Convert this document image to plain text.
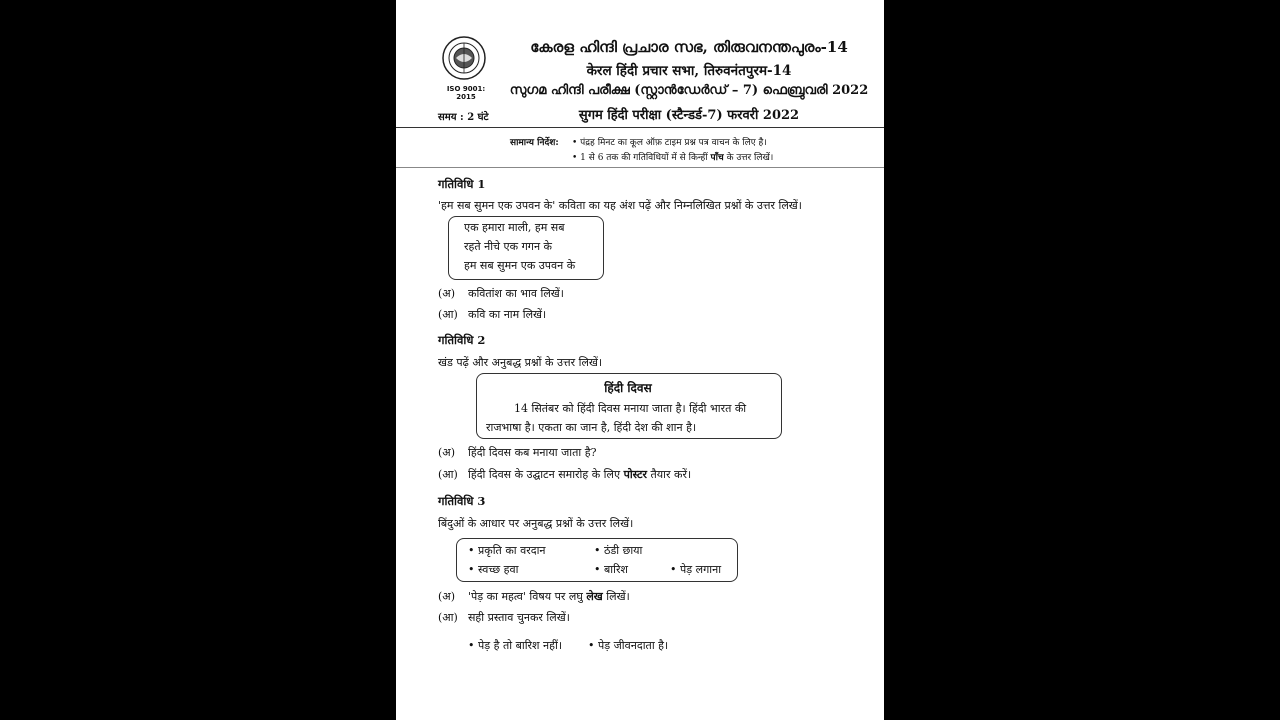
ISO 9001: 2015
കേരള ഹിന്ദി പ്രചാര സഭ, തിരുവനന്തപുരം-14
केरल हिंदी प्रचार सभा, तिरुवनंतपुरम-14
സുഗമ ഹിന്ദി പരീക്ഷ (സ്റ്റാൻഡേർഡ് – 7) ഫെബ്രുവരി 2022
सुगम हिंदी परीक्षा (स्टैन्डर्ड-7) फरवरी 2022
समय : 2 घंटे
सामान्य निर्देश: • पंद्रह मिनट का कूल ऑफ़ टाइम प्रश्न पत्र वाचन के लिए है।
• 1 से 6 तक की गतिविधियों में से किन्हीं पाँच के उत्तर लिखें।
गतिविधि 1
'हम सब सुमन एक उपवन के' कविता का यह अंश पढ़ें और निम्नलिखित प्रश्नों के उत्तर लिखें।
एक हमारा माली, हम सब
रहते नीचे एक गगन के
हम सब सुमन एक उपवन के
(अ) कवितांश का भाव लिखें।
(आ) कवि का नाम लिखें।
गतिविधि 2
खंड पढ़ें और अनुबद्ध प्रश्नों के उत्तर लिखें।
हिंदी दिवस
14 सितंबर को हिंदी दिवस मनाया जाता है। हिंदी भारत की
राजभाषा है। एकता का जान है, हिंदी देश की शान है।
(अ) हिंदी दिवस कब मनाया जाता है?
(आ) हिंदी दिवस के उद्घाटन समारोह के लिए पोस्टर तैयार करें।
गतिविधि 3
बिंदुओं के आधार पर अनुबद्ध प्रश्नों के उत्तर लिखें।
• प्रकृति का वरदान	• ठंडी छाया
• स्वच्छ हवा	• बारिश	• पेड़ लगाना
(अ) 'पेड़ का महत्व' विषय पर लघु लेख लिखें।
(आ) सही प्रस्ताव चुनकर लिखें।
• पेड़ है तो बारिश नहीं। • पेड़ जीवनदाता है।
